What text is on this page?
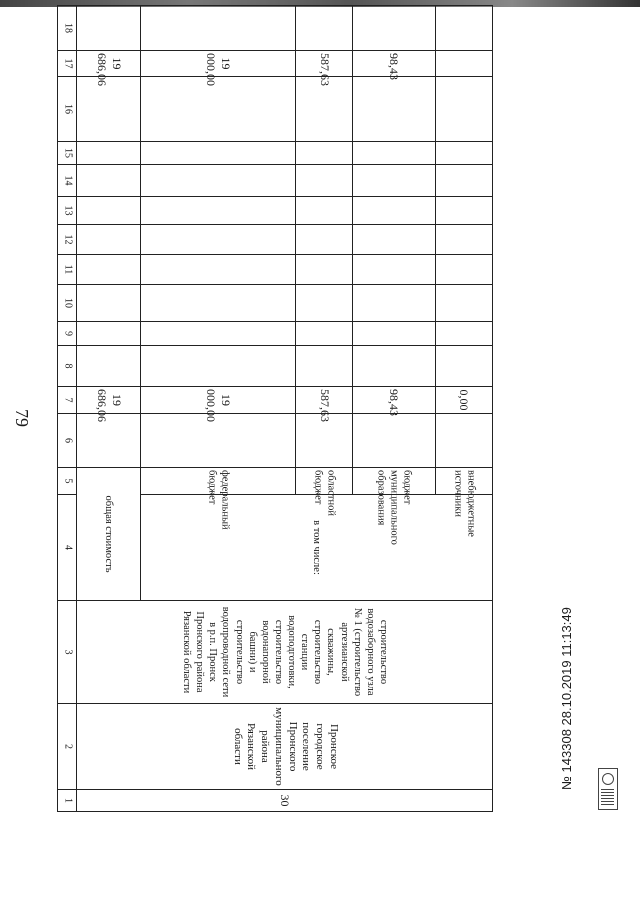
79
1	2	3	4	5	6	7	8	9	10	11	12	13	14	15	16	17	18	

30	Пронское городское поселение Пронского муниципального района Рязанской области	строительство водозаборного узла № 1 (строительство артезианской скважины, строительство станции водоподготовки, строительство водонапорной башни) и строительство водопроводной сети в р.п. Пронск Пронского района Рязанской области	общая стоимость			19 686,06										19 686,06		

			в том числе:	федеральный бюджет		19 000,00										19 000,00		

				областной бюджет		587,63										587,63		

				бюджет муниципального образования		98,43										98,43		

				внебюджетные источники		0,00												

№ 143308 28.10.2019 11:13:49
